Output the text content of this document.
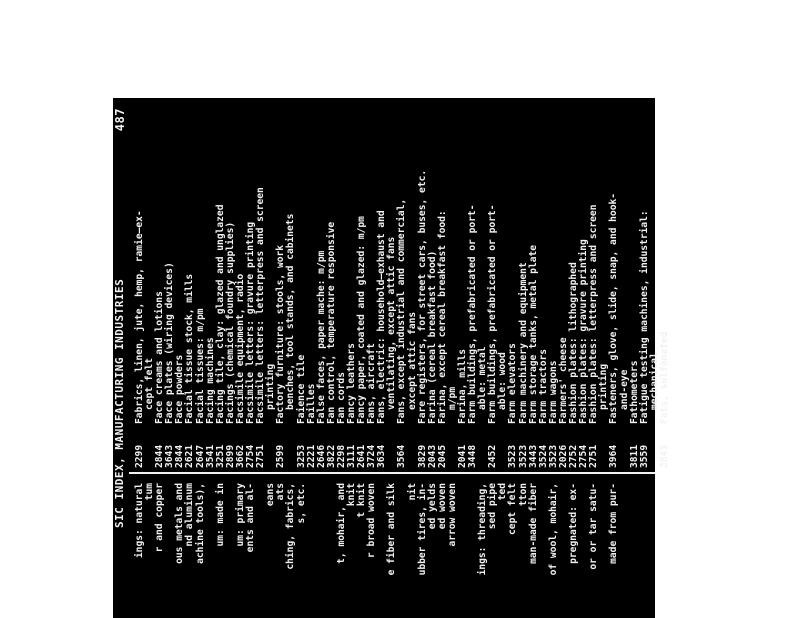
SIC INDEX, MANUFACTURING INDUSTRIES
487
ings: natural tum r and copper ous metals and nd aluminum achine tools), um: made in um: primary ents and al- eans ats ching, fabrics, s, etc.	t, mohair, and knit t knit r broad woven e fiber and silk nit ubber tires, in- ed yelds ed woven arrow woven ings: threading, sed pipe ted cept felt tton man-made fiber of wool, mohair, pregnated: ex- or or tar satu- made from pur-
2299Fabrics, linen, jute, hemp, ramie—ex- cept felt
2844Face creams and lotions
3643Face plates (wiring devices)
2844Face powders
2621Facial tissue stock, mills
2647Facial tissues: m/pm
3541Facing machines
3251Facing tile, clay: glazed and unglazed
2899Facings (chemical foundry supplies)
3662Facsimile equipment, radio
2754Facsimile letters: gravure printing
2751Facsimile letters: letterpress and screen printing
2599Factory furniture: stools, work benches, tool stands, and cabinets
3253Faience tile
2221Failles
2646False faces, paper mache: m/pm
3822Fan control, temperature responsive
2298Fan cords
3111Fancy leathers
2641Fancy paper, coated and glazed: m/pm
3724Fans, aircraft
3634Fans, electric: household—exhaust and ventilating, except attic fans
3564Fans, except industrial and commercial, except attic fans
3829Fare registers, for street cars, buses, etc.
2043Farina (cereal breakfast food)
2045Farina, except cereal breakfast food: m/pm
2041Farina, mills
3448Farm buildings, prefabricated or port- able: metal
2452Farm buildings, prefabricated or port- able: wood
3523Farm elevators
3523Farm machinery and equipment
3443Farm storage tanks, metal plate
3524Farm tractors
3523Farm wagons
2026Farmers' cheese
2752Fashion plates: lithographed
2754Fashion plates: gravure printing
2751Fashion plates: letterpress and screen printing
3964Fasteners, glove, slide, snap, and hook- and-eye
3811Fathometers
3559Fatigue testing machines, industrial: mechanical
2843Fats, sulfonated
